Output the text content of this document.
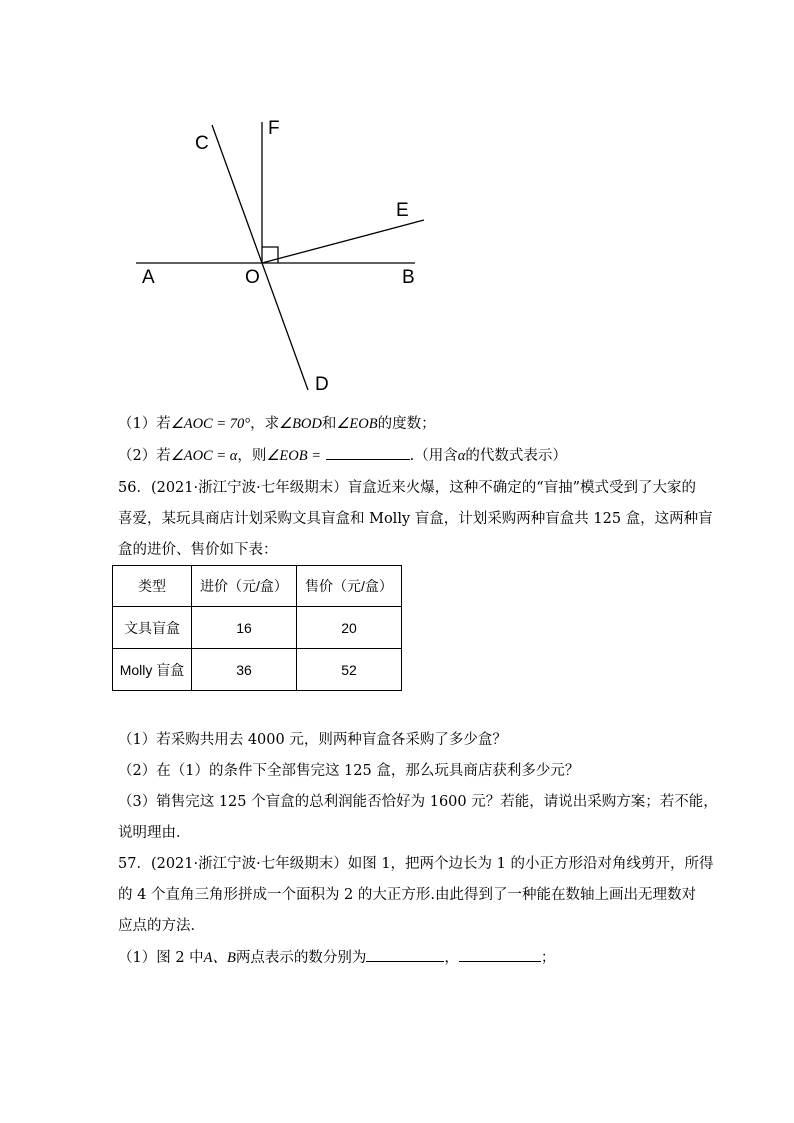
C
F
E
A	O	B
D
（1）若∠AOC = 70°，求∠BOD和∠EOB的度数；
（2）若∠AOC = α，则∠EOB =	.（用含α的代数式表示）
56．(2021·浙江宁波·七年级期末）盲盒近来火爆，这种不确定的“盲抽”模式受到了大家的
喜爱，某玩具商店计划采购文具盲盒和 Molly 盲盒，计划采购两种盲盒共 125 盒，这两种盲
盒的进价、售价如下表：
类型	进价（元/盒）	售价（元/盒）
文具盲盒	16	20
Molly 盲盒	36	52
（1）若采购共用去 4000 元，则两种盲盒各采购了多少盒？
（2）在（1）的条件下全部售完这 125 盒，那么玩具商店获利多少元？
（3）销售完这 125 个盲盒的总利润能否恰好为 1600 元？若能，请说出采购方案；若不能，
说明理由．
57．(2021·浙江宁波·七年级期末）如图 1，把两个边长为 1 的小正方形沿对角线剪开，所得
的 4 个直角三角形拼成一个面积为 2 的大正方形.由此得到了一种能在数轴上画出无理数对
应点的方法．
（1）图 2 中A、B两点表示的数分别为	，	；
